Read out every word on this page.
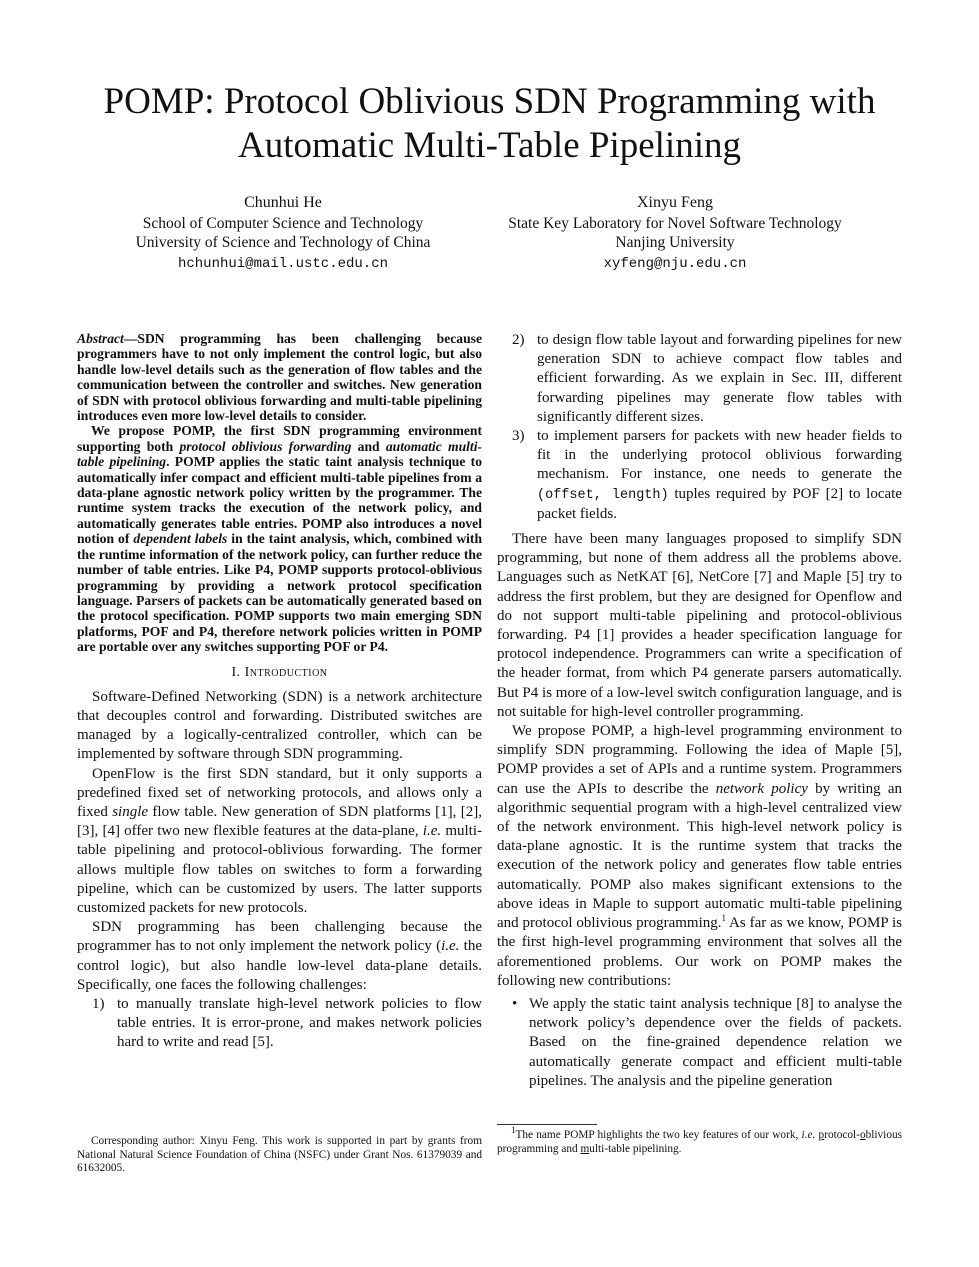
POMP: Protocol Oblivious SDN Programming with
Automatic Multi-Table Pipelining
Chunhui He
School of Computer Science and Technology
University of Science and Technology of China
hchunhui@mail.ustc.edu.cn
Xinyu Feng
State Key Laboratory for Novel Software Technology
Nanjing University
xyfeng@nju.edu.cn

Abstract—SDN programming has been challenging because programmers have to not only implement the control logic, but also handle low-level details such as the generation of flow tables and the communication between the controller and switches. New generation of SDN with protocol oblivious forwarding and multi-table pipelining introduces even more low-level details to consider.

We propose POMP, the first SDN programming environment supporting both protocol oblivious forwarding and automatic multi-table pipelining. POMP applies the static taint analysis technique to automatically infer compact and efficient multi-table pipelines from a data-plane agnostic network policy written by the programmer. The runtime system tracks the execution of the network policy, and automatically generates table entries. POMP also introduces a novel notion of dependent labels in the taint analysis, which, combined with the runtime information of the network policy, can further reduce the number of table entries. Like P4, POMP supports protocol-oblivious programming by providing a network protocol specification language. Parsers of packets can be automatically generated based on the protocol specification. POMP supports two main emerging SDN platforms, POF and P4, therefore network policies written in POMP are portable over any switches supporting POF or P4.

I. Introduction

Software-Defined Networking (SDN) is a network architecture that decouples control and forwarding. Distributed switches are managed by a logically-centralized controller, which can be implemented by software through SDN programming.

OpenFlow is the first SDN standard, but it only supports a predefined fixed set of networking protocols, and allows only a fixed single flow table. New generation of SDN platforms [1], [2], [3], [4] offer two new flexible features at the data-plane, i.e. multi-table pipelining and protocol-oblivious forwarding. The former allows multiple flow tables on switches to form a forwarding pipeline, which can be customized by users. The latter supports customized packets for new protocols.

SDN programming has been challenging because the programmer has to not only implement the network policy (i.e. the control logic), but also handle low-level data-plane details. Specifically, one faces the following challenges:

1) to manually translate high-level network policies to flow table entries. It is error-prone, and makes network policies hard to write and read [5].
2) to design flow table layout and forwarding pipelines for new generation SDN to achieve compact flow tables and efficient forwarding. As we explain in Sec. III, different forwarding pipelines may generate flow tables with significantly different sizes.
3) to implement parsers for packets with new header fields to fit in the underlying protocol oblivious forwarding mechanism. For instance, one needs to generate the (offset, length) tuples required by POF [2] to locate packet fields.

There have been many languages proposed to simplify SDN programming, but none of them address all the problems above. Languages such as NetKAT [6], NetCore [7] and Maple [5] try to address the first problem, but they are designed for Openflow and do not support multi-table pipelining and protocol-oblivious forwarding. P4 [1] provides a header specification language for protocol independence. Programmers can write a specification of the header format, from which P4 generate parsers automatically. But P4 is more of a low-level switch configuration language, and is not suitable for high-level controller programming.

We propose POMP, a high-level programming environment to simplify SDN programming. Following the idea of Maple [5], POMP provides a set of APIs and a runtime system. Programmers can use the APIs to describe the network policy by writing an algorithmic sequential program with a high-level centralized view of the network environment. This high-level network policy is data-plane agnostic. It is the runtime system that tracks the execution of the network policy and generates flow table entries automatically. POMP also makes significant extensions to the above ideas in Maple to support automatic multi-table pipelining and protocol oblivious programming.$^1$ As far as we know, POMP is the first high-level programming environment that solves all the aforementioned problems. Our work on POMP makes the following new contributions:

• We apply the static taint analysis technique [8] to analyse the network policy’s dependence over the fields of packets. Based on the fine-grained dependence relation we automatically generate compact and efficient multi-table pipelines. The analysis and the pipeline generation

Corresponding author: Xinyu Feng. This work is supported in part by grants from National Natural Science Foundation of China (NSFC) under Grant Nos. 61379039 and 61632005.

$^1$The name POMP highlights the two key features of our work, i.e. protocol-oblivious programming and multi-table pipelining.
